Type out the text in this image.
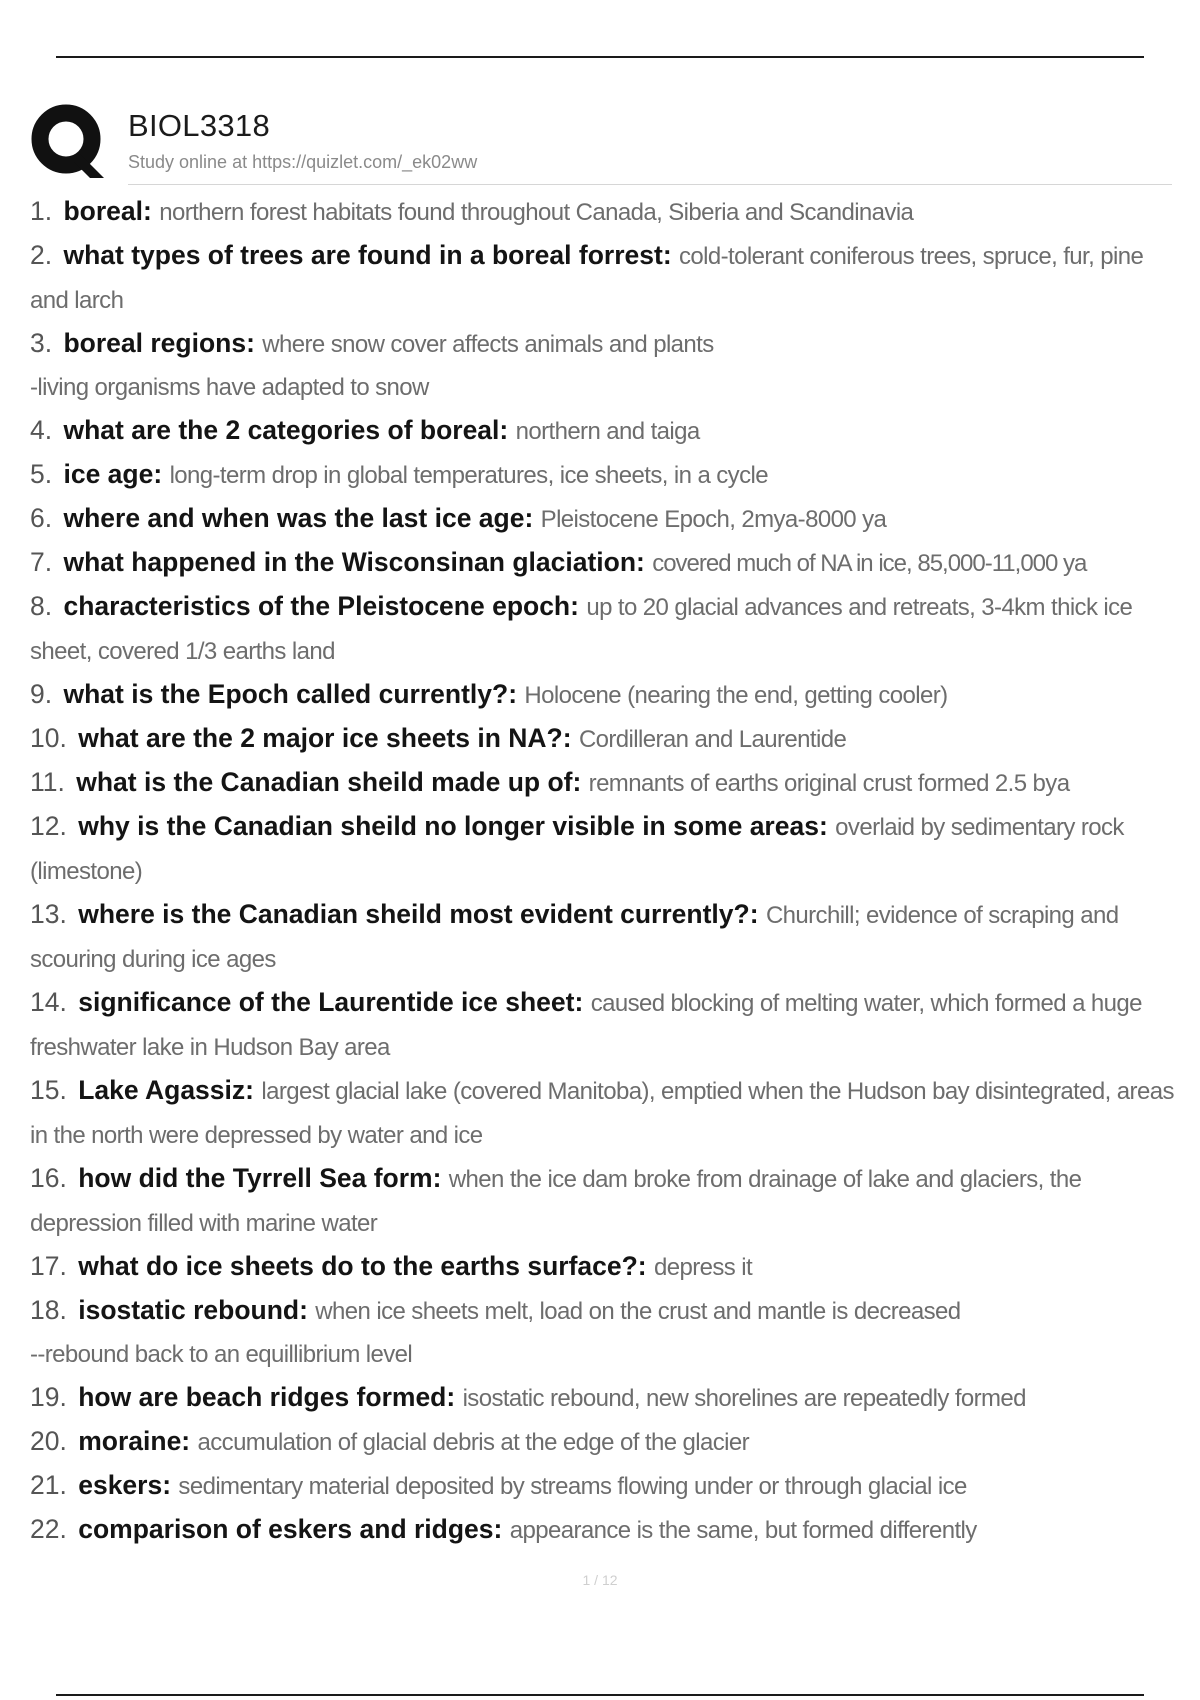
BIOL3318
Study online at https://quizlet.com/_ek02ww
1. boreal: northern forest habitats found throughout Canada, Siberia and Scandinavia
2. what types of trees are found in a boreal forrest: cold-tolerant coniferous trees, spruce, fur, pine and larch
3. boreal regions: where snow cover affects animals and plants
-living organisms have adapted to snow
4. what are the 2 categories of boreal: northern and taiga
5. ice age: long-term drop in global temperatures, ice sheets, in a cycle
6. where and when was the last ice age: Pleistocene Epoch, 2mya-8000 ya
7. what happened in the Wisconsinan glaciation: covered much of NA in ice, 85,000-11,000 ya
8. characteristics of the Pleistocene epoch: up to 20 glacial advances and retreats, 3-4km thick ice sheet, covered 1/3 earths land
9. what is the Epoch called currently?: Holocene (nearing the end, getting cooler)
10. what are the 2 major ice sheets in NA?: Cordilleran and Laurentide
11. what is the Canadian sheild made up of: remnants of earths original crust formed 2.5 bya
12. why is the Canadian sheild no longer visible in some areas: overlaid by sedimentary rock (limestone)
13. where is the Canadian sheild most evident currently?: Churchill; evidence of scraping and scouring during ice ages
14. significance of the Laurentide ice sheet: caused blocking of melting water, which formed a huge freshwater lake in Hudson Bay area
15. Lake Agassiz: largest glacial lake (covered Manitoba), emptied when the Hudson bay disintegrated, areas in the north were depressed by water and ice
16. how did the Tyrrell Sea form: when the ice dam broke from drainage of lake and glaciers, the depression filled with marine water
17. what do ice sheets do to the earths surface?: depress it
18. isostatic rebound: when ice sheets melt, load on the crust and mantle is decreased
--rebound back to an equillibrium level
19. how are beach ridges formed: isostatic rebound, new shorelines are repeatedly formed
20. moraine: accumulation of glacial debris at the edge of the glacier
21. eskers: sedimentary material deposited by streams flowing under or through glacial ice
22. comparison of eskers and ridges: appearance is the same, but formed differently
1 / 12
